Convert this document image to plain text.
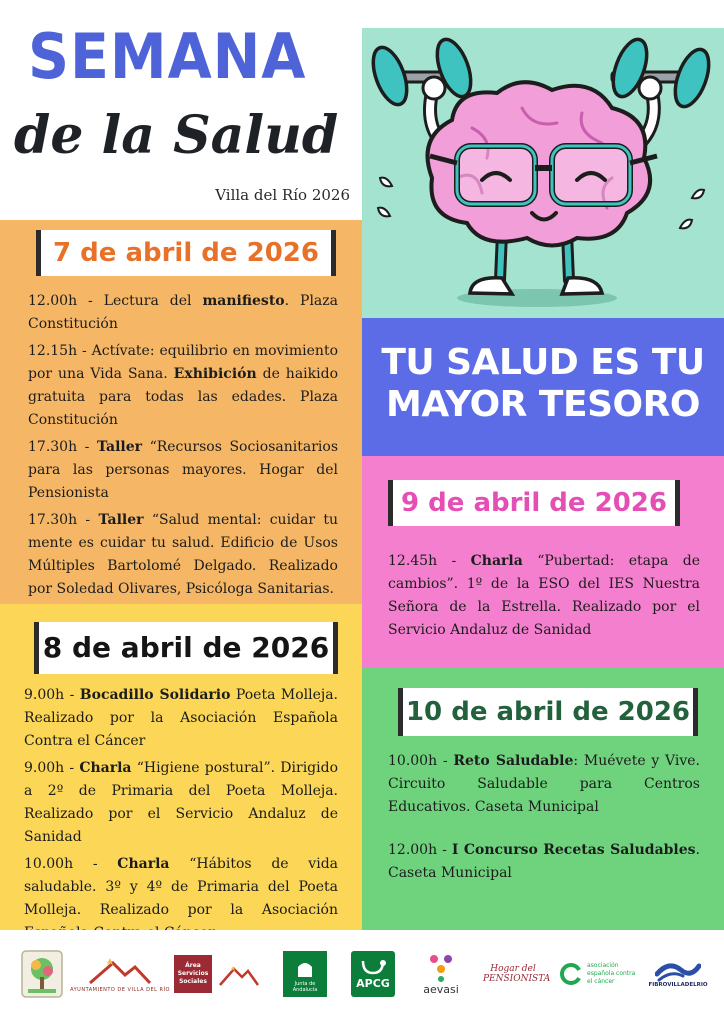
SEMANA
de la Salud
Villa del Río 2026
TU SALUD ES TU MAYOR TESORO
7 de abril de 2026
12.00h - Lectura del manifiesto. Plaza Constitución
12.15h - Actívate: equilibrio en movimiento por una Vida Sana. Exhibición de haikido gratuita para todas las edades. Plaza Constitución
17.30h - Taller “Recursos Sociosanitarios para las personas mayores. Hogar del Pensionista
17.30h - Taller “Salud mental: cuidar tu mente es cuidar tu salud. Edificio de Usos Múltiples Bartolomé Delgado. Realizado por Soledad Olivares, Psicóloga Sanitarias.
8 de abril de 2026
9.00h - Bocadillo Solidario Poeta Molleja. Realizado por la Asociación Española Contra el Cáncer
9.00h - Charla “Higiene postural”. Dirigido a 2º de Primaria del Poeta Molleja. Realizado por el Servicio Andaluz de Sanidad
10.00h - Charla “Hábitos de vida saludable. 3º y 4º de Primaria del Poeta Molleja. Realizado por la Asociación
9 de abril de 2026
12.45h - Charla “Pubertad: etapa de cambios”. 1º de la ESO del IES Nuestra Señora de la Estrella. Realizado por el Servicio Andaluz de Sanidad
10 de abril de 2026
10.00h - Reto Saludable: Muévete y Vive. Circuito Saludable para Centros Educativos. Caseta Municipal
12.00h - I Concurso Recetas Saludables. Caseta Municipal
AYUNTAMIENTO DE VILLA DEL RÍO
Área Servicios Sociales	Junta de Andalucía
APCG	aevasi
Hogar del PENSIONISTA
asociación española contra el cáncer	FIBROVILLADELRIO
